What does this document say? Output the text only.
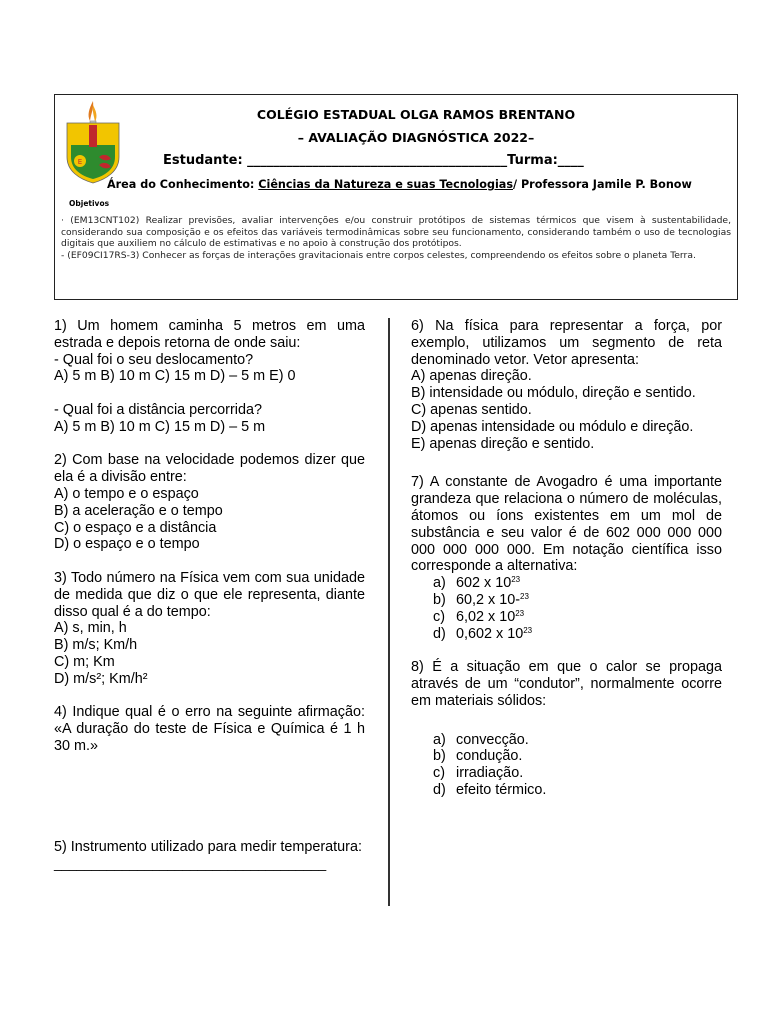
E
COLÉGIO ESTADUAL OLGA RAMOS BRENTANO
– AVALIAÇÃO DIAGNÓSTICA 2022–
Estudante: ________________________________________Turma:____
Área do Conhecimento: Ciências da Natureza e suas Tecnologias/ Professora Jamile P. Bonow
Objetivos

· (EM13CNT102) Realizar previsões, avaliar intervenções e/ou construir protótipos de sistemas térmicos que visem à sustentabilidade, considerando sua composição e os efeitos das variáveis termodinâmicas sobre seu funcionamento, considerando também o uso de tecnologias digitais que auxiliem no cálculo de estimativas e no apoio à construção dos protótipos.

- (EF09CI17RS-3) Conhecer as forças de interações gravitacionais entre corpos celestes, compreendendo os efeitos sobre o planeta Terra.

1) Um homem caminha 5 metros em uma estrada e depois retorna de onde saiu:
- Qual foi o seu deslocamento?
A) 5 m B) 10 m C) 15 m D) – 5 m E) 0
- Qual foi a distância percorrida?
A) 5 m B) 10 m C) 15 m D) – 5 m
2) Com base na velocidade podemos dizer que ela é a divisão entre:
A) o tempo e o espaço
B) a aceleração e o tempo
C) o espaço e a distância
D) o espaço e o tempo
3) Todo número na Física vem com sua unidade de medida que diz o que ele representa, diante disso qual é a do tempo:
A) s, min, h
B) m/s; Km/h
C) m; Km
D) m/s²; Km/h²
4) Indique qual é o erro na seguinte afirmação: «A duração do teste de Física e Química é 1 h 30 m.»
5) Instrumento utilizado para medir temperatura:
____________________________________
6) Na física para representar a força, por exemplo, utilizamos um segmento de reta denominado vetor. Vetor apresenta:
A) apenas direção.
B) intensidade ou módulo, direção e sentido.
C) apenas sentido.
D) apenas intensidade ou módulo e direção.
E) apenas direção e sentido.
7) A constante de Avogadro é uma importante grandeza que relaciona o número de moléculas, átomos ou íons existentes em um mol de substância e seu valor é de 602 000 000 000 000 000 000 000. Em notação científica isso corresponde a alternativa:
a) 602 x $10^{23}$
b) 60,2 x 10-$^{23}$
c) 6,02 x $10^{23}$
d) 0,602 x $10^{23}$
8) É a situação em que o calor se propaga através de um “condutor”, normalmente ocorre em materiais sólidos:
a) convecção.
b) condução.
c) irradiação.
d) efeito térmico.
